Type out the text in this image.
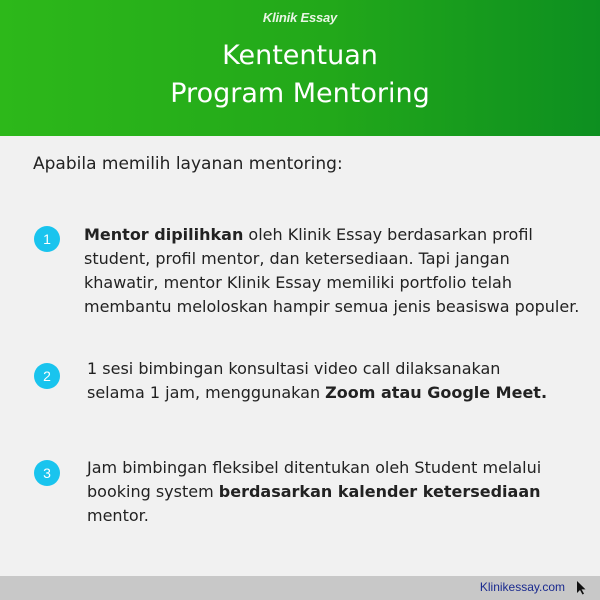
Klinik Essay
Kententuan
Program Mentoring
Apabila memilih layanan mentoring:
1	Mentor dipilihkan oleh Klinik Essay berdasarkan profil student, profil mentor, dan ketersediaan. Tapi jangan khawatir, mentor Klinik Essay memiliki portfolio telah membantu meloloskan hampir semua jenis beasiswa populer.
2	1 sesi bimbingan konsultasi video call dilaksanakan selama 1 jam, menggunakan Zoom atau Google Meet.
3	Jam bimbingan fleksibel ditentukan oleh Student melalui booking system berdasarkan kalender ketersediaan mentor.
Klinikessay.com
